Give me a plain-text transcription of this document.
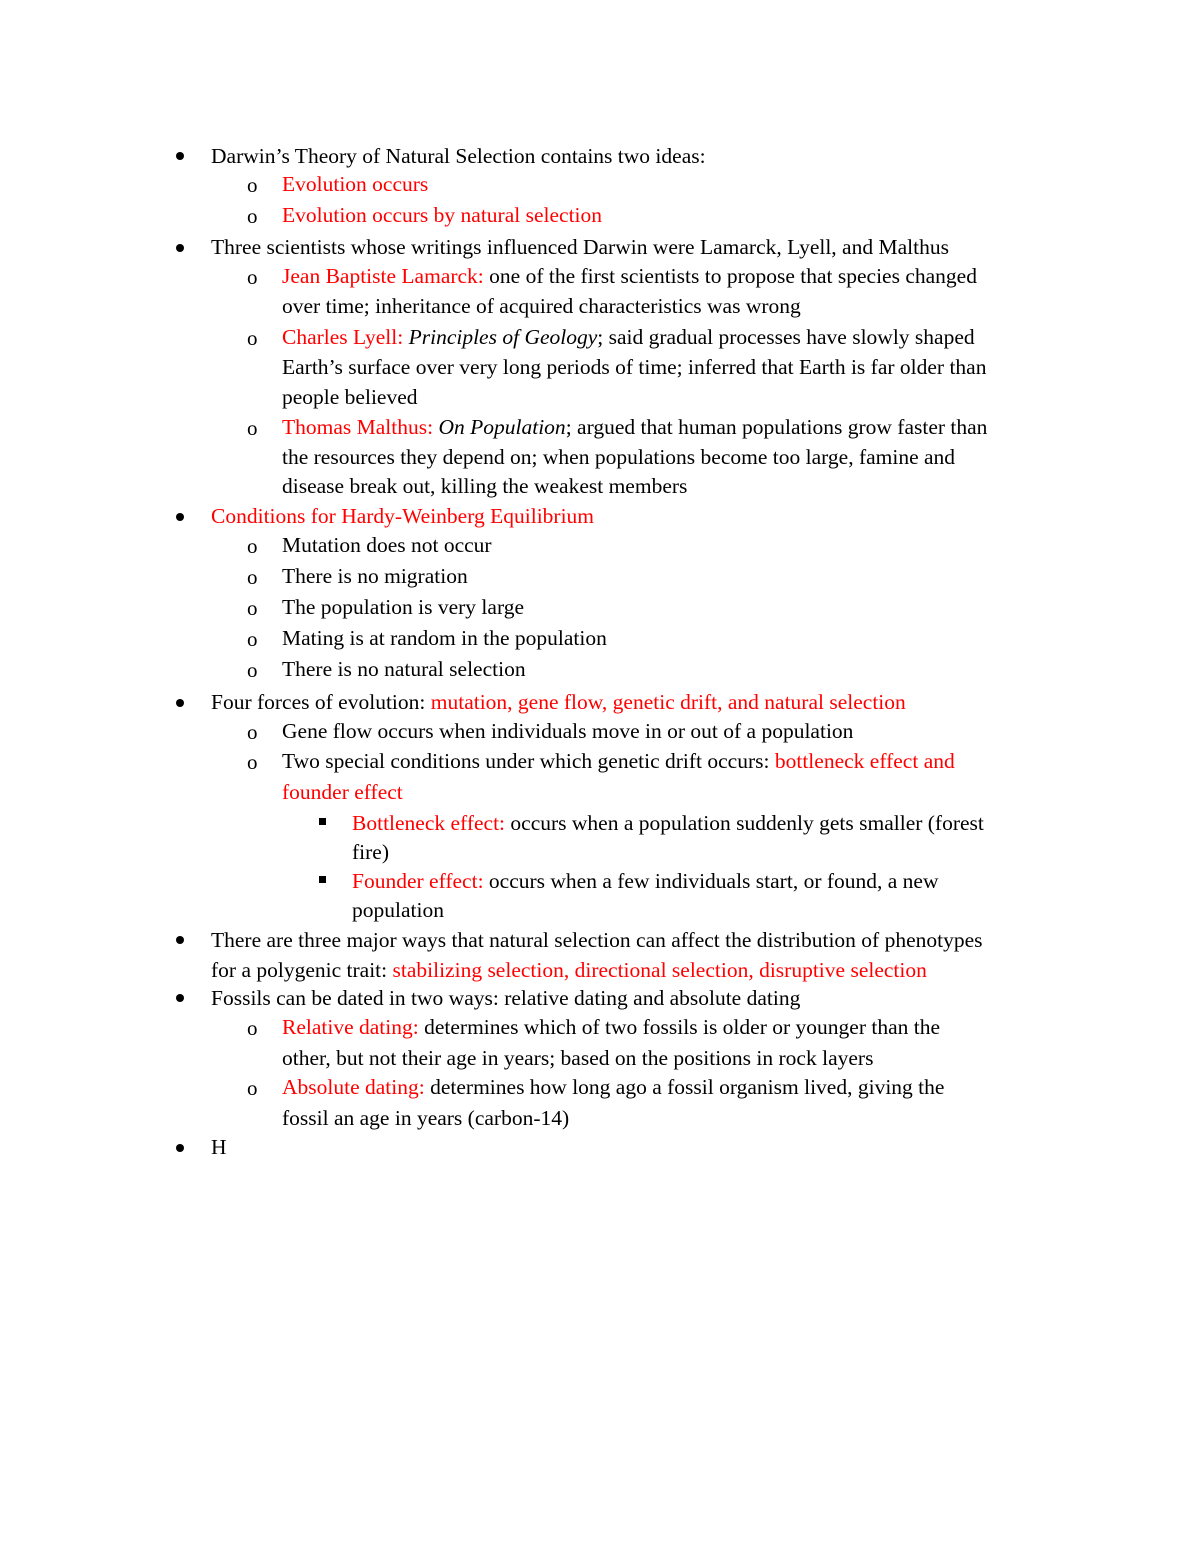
Darwin’s Theory of Natural Selection contains two ideas:
o Evolution occurs
o Evolution occurs by natural selection
Three scientists whose writings influenced Darwin were Lamarck, Lyell, and Malthus
o Jean Baptiste Lamarck: one of the first scientists to propose that species changed
over time; inheritance of acquired characteristics was wrong
o Charles Lyell: Principles of Geology; said gradual processes have slowly shaped
Earth’s surface over very long periods of time; inferred that Earth is far older than
people believed
o Thomas Malthus: On Population; argued that human populations grow faster than
the resources they depend on; when populations become too large, famine and
disease break out, killing the weakest members
Conditions for Hardy-Weinberg Equilibrium
o Mutation does not occur
o There is no migration
o The population is very large
o Mating is at random in the population
o There is no natural selection
Four forces of evolution: mutation, gene flow, genetic drift, and natural selection
o Gene flow occurs when individuals move in or out of a population
o Two special conditions under which genetic drift occurs: bottleneck effect and
founder effect
Bottleneck effect: occurs when a population suddenly gets smaller (forest
fire)
Founder effect: occurs when a few individuals start, or found, a new
population
There are three major ways that natural selection can affect the distribution of phenotypes
for a polygenic trait: stabilizing selection, directional selection, disruptive selection
Fossils can be dated in two ways: relative dating and absolute dating
o Relative dating: determines which of two fossils is older or younger than the
other, but not their age in years; based on the positions in rock layers
o Absolute dating: determines how long ago a fossil organism lived, giving the
fossil an age in years (carbon-14)
H
